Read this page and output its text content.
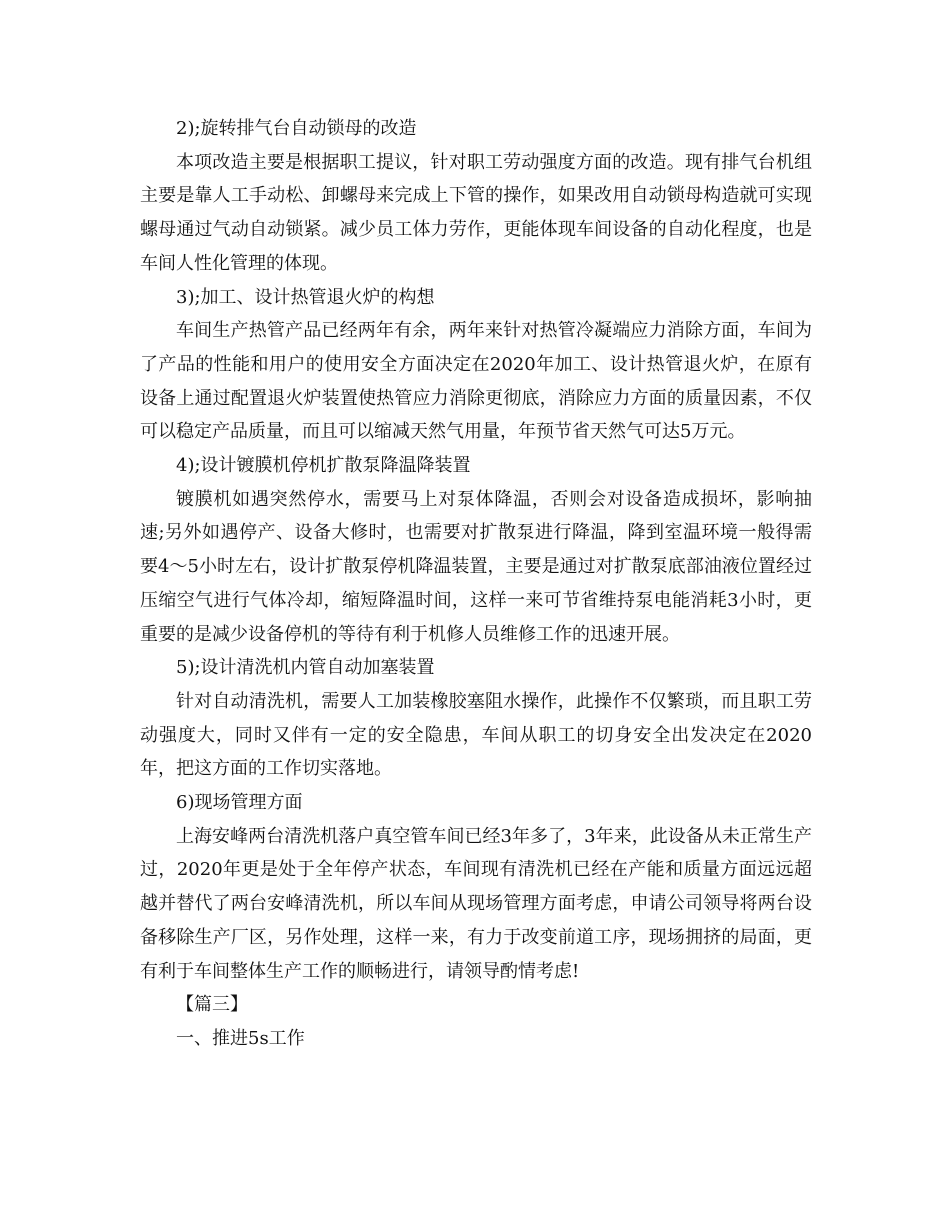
2);旋转排气台自动锁母的改造

本项改造主要是根据职工提议，针对职工劳动强度方面的改造。现有排气台机组主要是靠人工手动松、卸螺母来完成上下管的操作，如果改用自动锁母构造就可实现螺母通过气动自动锁紧。减少员工体力劳作，更能体现车间设备的自动化程度，也是车间人性化管理的体现。

3);加工、设计热管退火炉的构想

车间生产热管产品已经两年有余，两年来针对热管冷凝端应力消除方面，车间为了产品的性能和用户的使用安全方面决定在2020年加工、设计热管退火炉，在原有设备上通过配置退火炉装置使热管应力消除更彻底，消除应力方面的质量因素，不仅可以稳定产品质量，而且可以缩减天然气用量，年预节省天然气可达5万元。

4);设计镀膜机停机扩散泵降温降装置

镀膜机如遇突然停水，需要马上对泵体降温，否则会对设备造成损坏，影响抽速;另外如遇停产、设备大修时，也需要对扩散泵进行降温，降到室温环境一般得需要4～5小时左右，设计扩散泵停机降温装置，主要是通过对扩散泵底部油液位置经过压缩空气进行气体冷却，缩短降温时间，这样一来可节省维持泵电能消耗3小时，更重要的是减少设备停机的等待有利于机修人员维修工作的迅速开展。

5);设计清洗机内管自动加塞装置

针对自动清洗机，需要人工加装橡胶塞阻水操作，此操作不仅繁琐，而且职工劳动强度大，同时又伴有一定的安全隐患，车间从职工的切身安全出发决定在2020年，把这方面的工作切实落地。

6)现场管理方面

上海安峰两台清洗机落户真空管车间已经3年多了，3年来，此设备从未正常生产过，2020年更是处于全年停产状态，车间现有清洗机已经在产能和质量方面远远超越并替代了两台安峰清洗机，所以车间从现场管理方面考虑，申请公司领导将两台设备移除生产厂区，另作处理，这样一来，有力于改变前道工序，现场拥挤的局面，更有利于车间整体生产工作的顺畅进行，请领导酌情考虑!

【篇三】

一、推进5s工作
